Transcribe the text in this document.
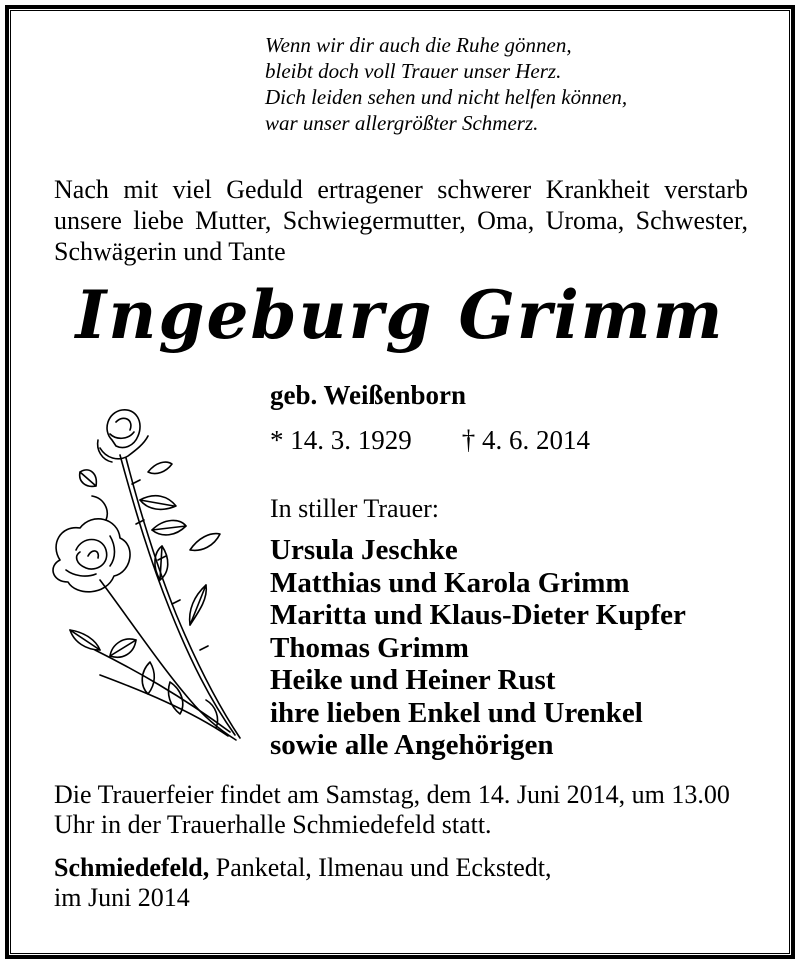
Wenn wir dir auch die Ruhe gönnen,
bleibt doch voll Trauer unser Herz.
Dich leiden sehen und nicht helfen können,
war unser allergrößter Schmerz.
Nach mit viel Geduld ertragener schwerer Krankheit verstarb unsere liebe Mutter, Schwiegermutter, Oma, Uroma, Schwester, Schwägerin und Tante
Ingeburg Grimm
geb. Weißenborn
* 14. 3. 1929 † 4. 6. 2014
In stiller Trauer:
Ursula Jeschke
Matthias und Karola Grimm
Maritta und Klaus-Dieter Kupfer
Thomas Grimm
Heike und Heiner Rust
ihre lieben Enkel und Urenkel
sowie alle Angehörigen
Die Trauerfeier findet am Samstag, dem 14. Juni 2014, um 13.00 Uhr in der Trauerhalle Schmiedefeld statt.
Schmiedefeld, Panketal, Ilmenau und Eckstedt,
im Juni 2014
